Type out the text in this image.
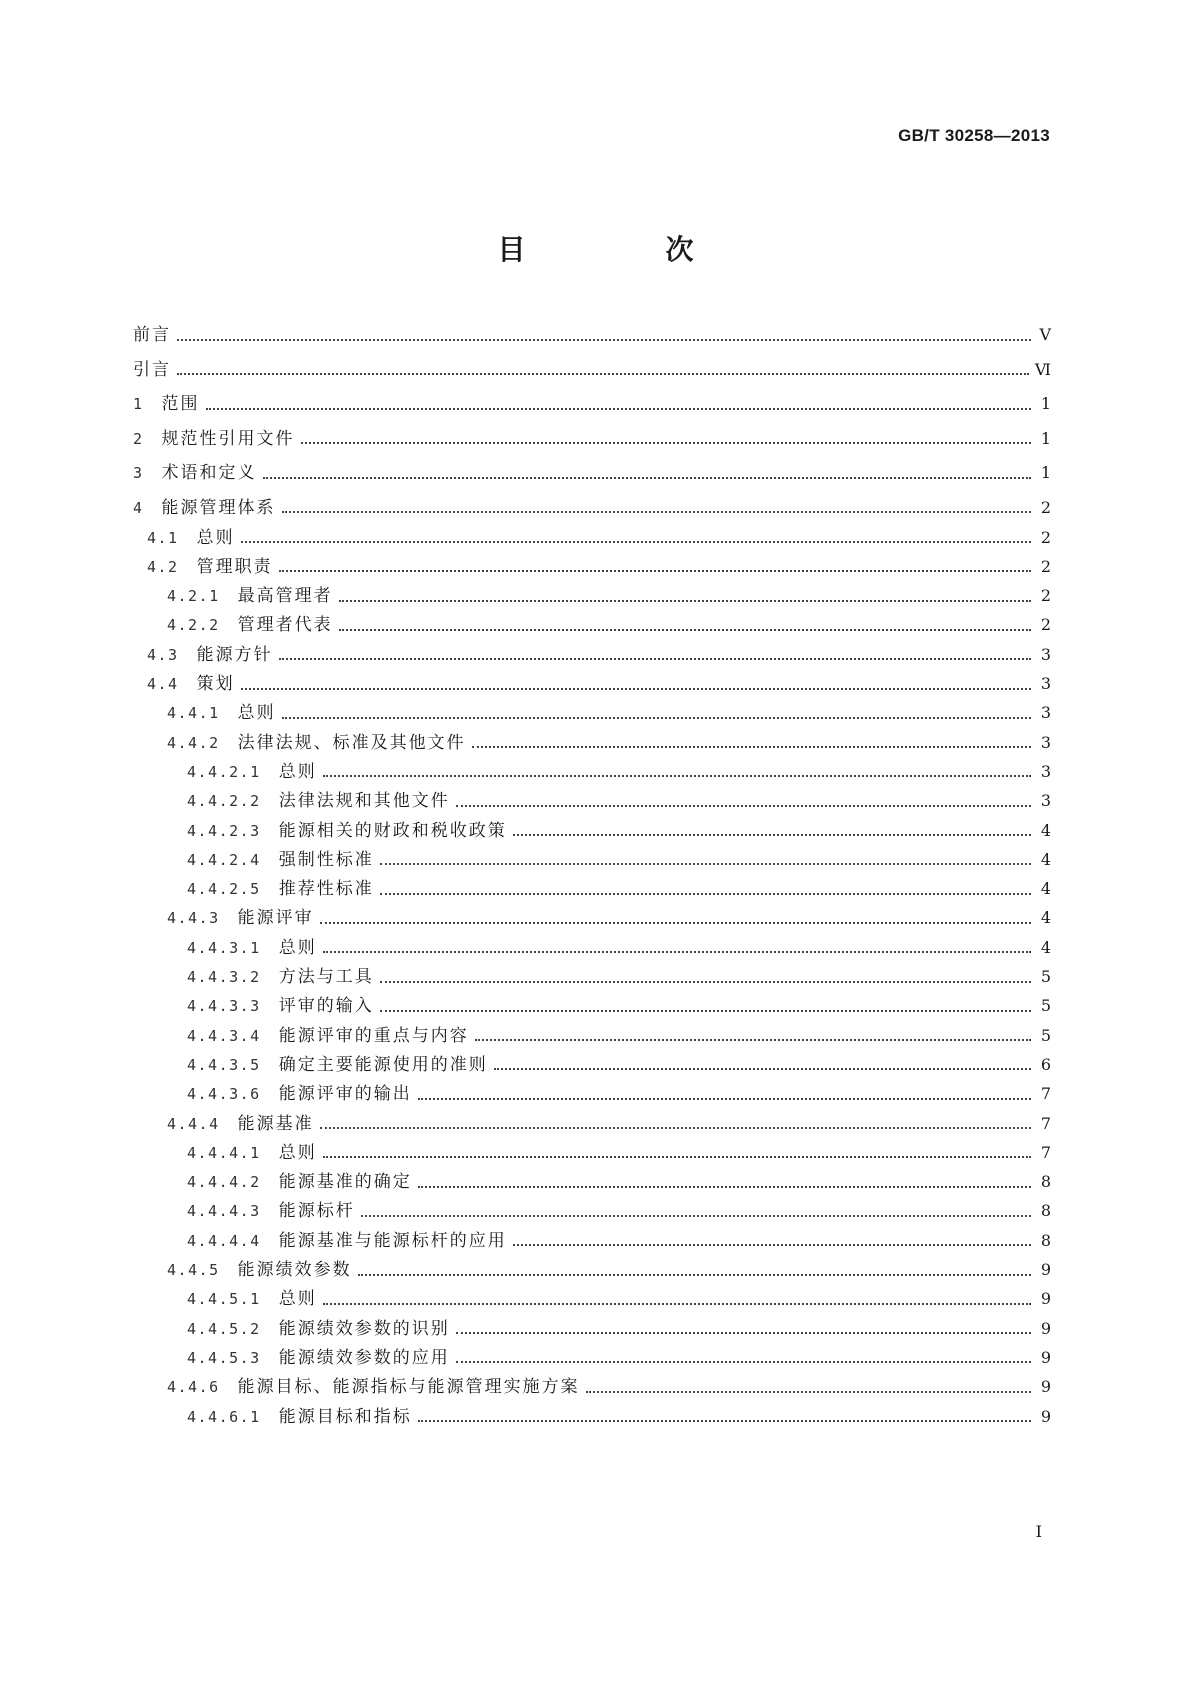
GB/T 30258—2013
目　次
前言	Ⅴ
引言	Ⅵ
1 范围	1
2 规范性引用文件	1
3 术语和定义	1
4 能源管理体系	2
4.1 总则	2
4.2 管理职责	2
4.2.1 最高管理者	2
4.2.2 管理者代表	2
4.3 能源方针	3
4.4 策划	3
4.4.1 总则	3
4.4.2 法律法规、标准及其他文件	3
4.4.2.1 总则	3
4.4.2.2 法律法规和其他文件	3
4.4.2.3 能源相关的财政和税收政策	4
4.4.2.4 强制性标准	4
4.4.2.5 推荐性标准	4
4.4.3 能源评审	4
4.4.3.1 总则	4
4.4.3.2 方法与工具	5
4.4.3.3 评审的输入	5
4.4.3.4 能源评审的重点与内容	5
4.4.3.5 确定主要能源使用的准则	6
4.4.3.6 能源评审的输出	7
4.4.4 能源基准	7
4.4.4.1 总则	7
4.4.4.2 能源基准的确定	8
4.4.4.3 能源标杆	8
4.4.4.4 能源基准与能源标杆的应用	8
4.4.5 能源绩效参数	9
4.4.5.1 总则	9
4.4.5.2 能源绩效参数的识别	9
4.4.5.3 能源绩效参数的应用	9
4.4.6 能源目标、能源指标与能源管理实施方案	9
4.4.6.1 能源目标和指标	9
Ⅰ
